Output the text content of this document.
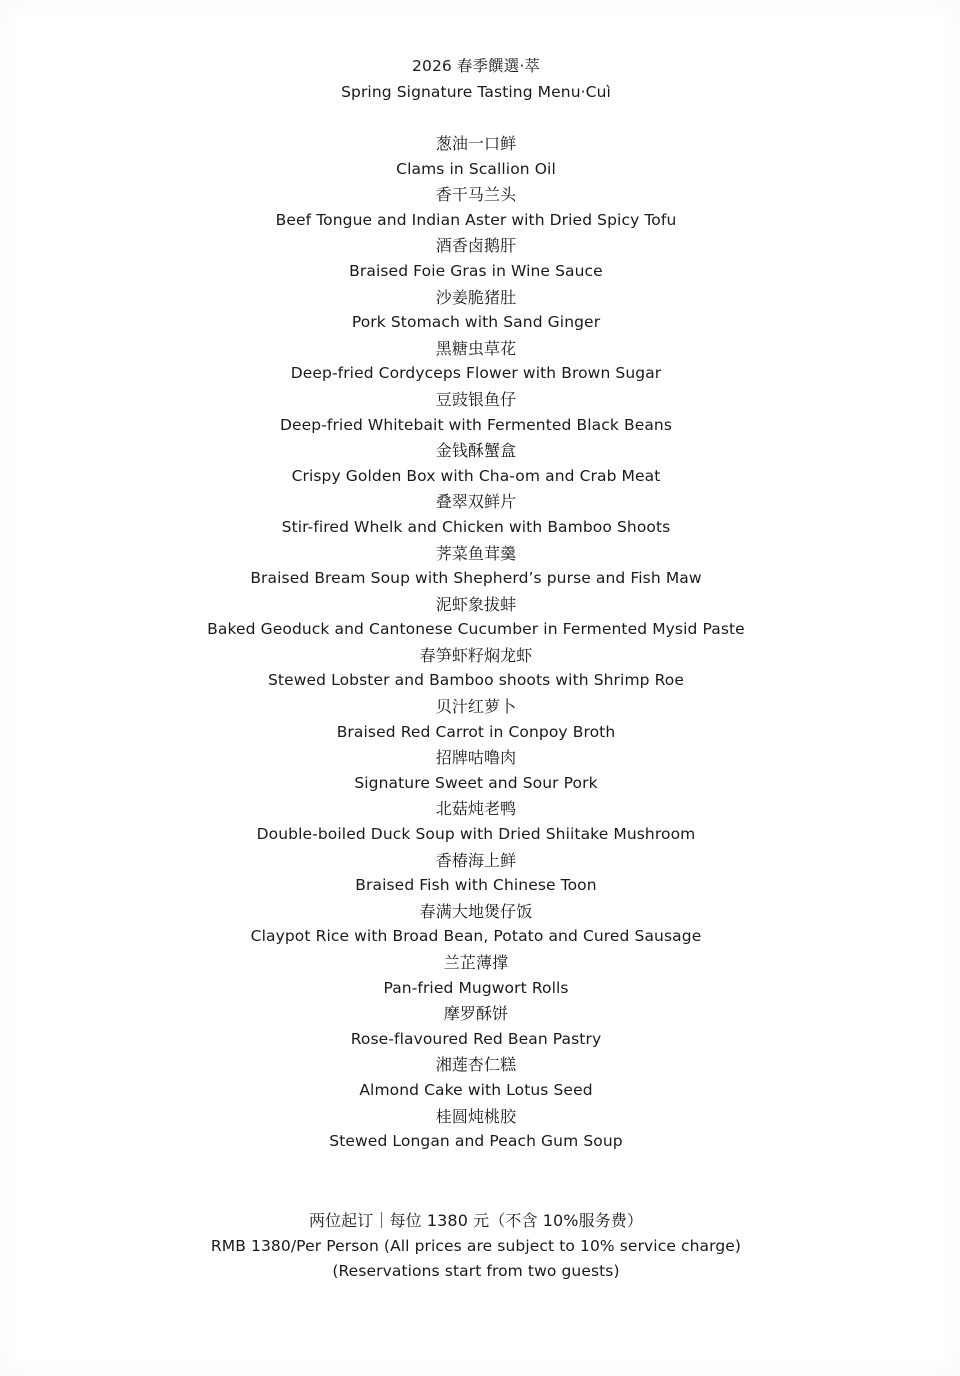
2026 春季饌選·萃
Spring Signature Tasting Menu·Cuì
葱油一口鲜
Clams in Scallion Oil
香干马兰头
Beef Tongue and Indian Aster with Dried Spicy Tofu
酒香卤鹅肝
Braised Foie Gras in Wine Sauce
沙姜脆猪肚
Pork Stomach with Sand Ginger
黑糖虫草花
Deep-fried Cordyceps Flower with Brown Sugar
豆豉银鱼仔
Deep-fried Whitebait with Fermented Black Beans
金钱酥蟹盒
Crispy Golden Box with Cha-om and Crab Meat
叠翠双鲜片
Stir-fired Whelk and Chicken with Bamboo Shoots
荠菜鱼茸羹
Braised Bream Soup with Shepherd’s purse and Fish Maw
泥虾象拔蚌
Baked Geoduck and Cantonese Cucumber in Fermented Mysid Paste
春笋虾籽焖龙虾
Stewed Lobster and Bamboo shoots with Shrimp Roe
贝汁红萝卜
Braised Red Carrot in Conpoy Broth
招牌咕噜肉
Signature Sweet and Sour Pork
北菇炖老鸭
Double-boiled Duck Soup with Dried Shiitake Mushroom
香椿海上鲜
Braised Fish with Chinese Toon
春满大地煲仔饭
Claypot Rice with Broad Bean, Potato and Cured Sausage
兰芷薄撑
Pan-fried Mugwort Rolls
摩罗酥饼
Rose-flavoured Red Bean Pastry
湘莲杏仁糕
Almond Cake with Lotus Seed
桂圆炖桃胶
Stewed Longan and Peach Gum Soup
两位起订｜每位 1380 元（不含 10%服务费）
RMB 1380/Per Person (All prices are subject to 10% service charge)
(Reservations start from two guests)
